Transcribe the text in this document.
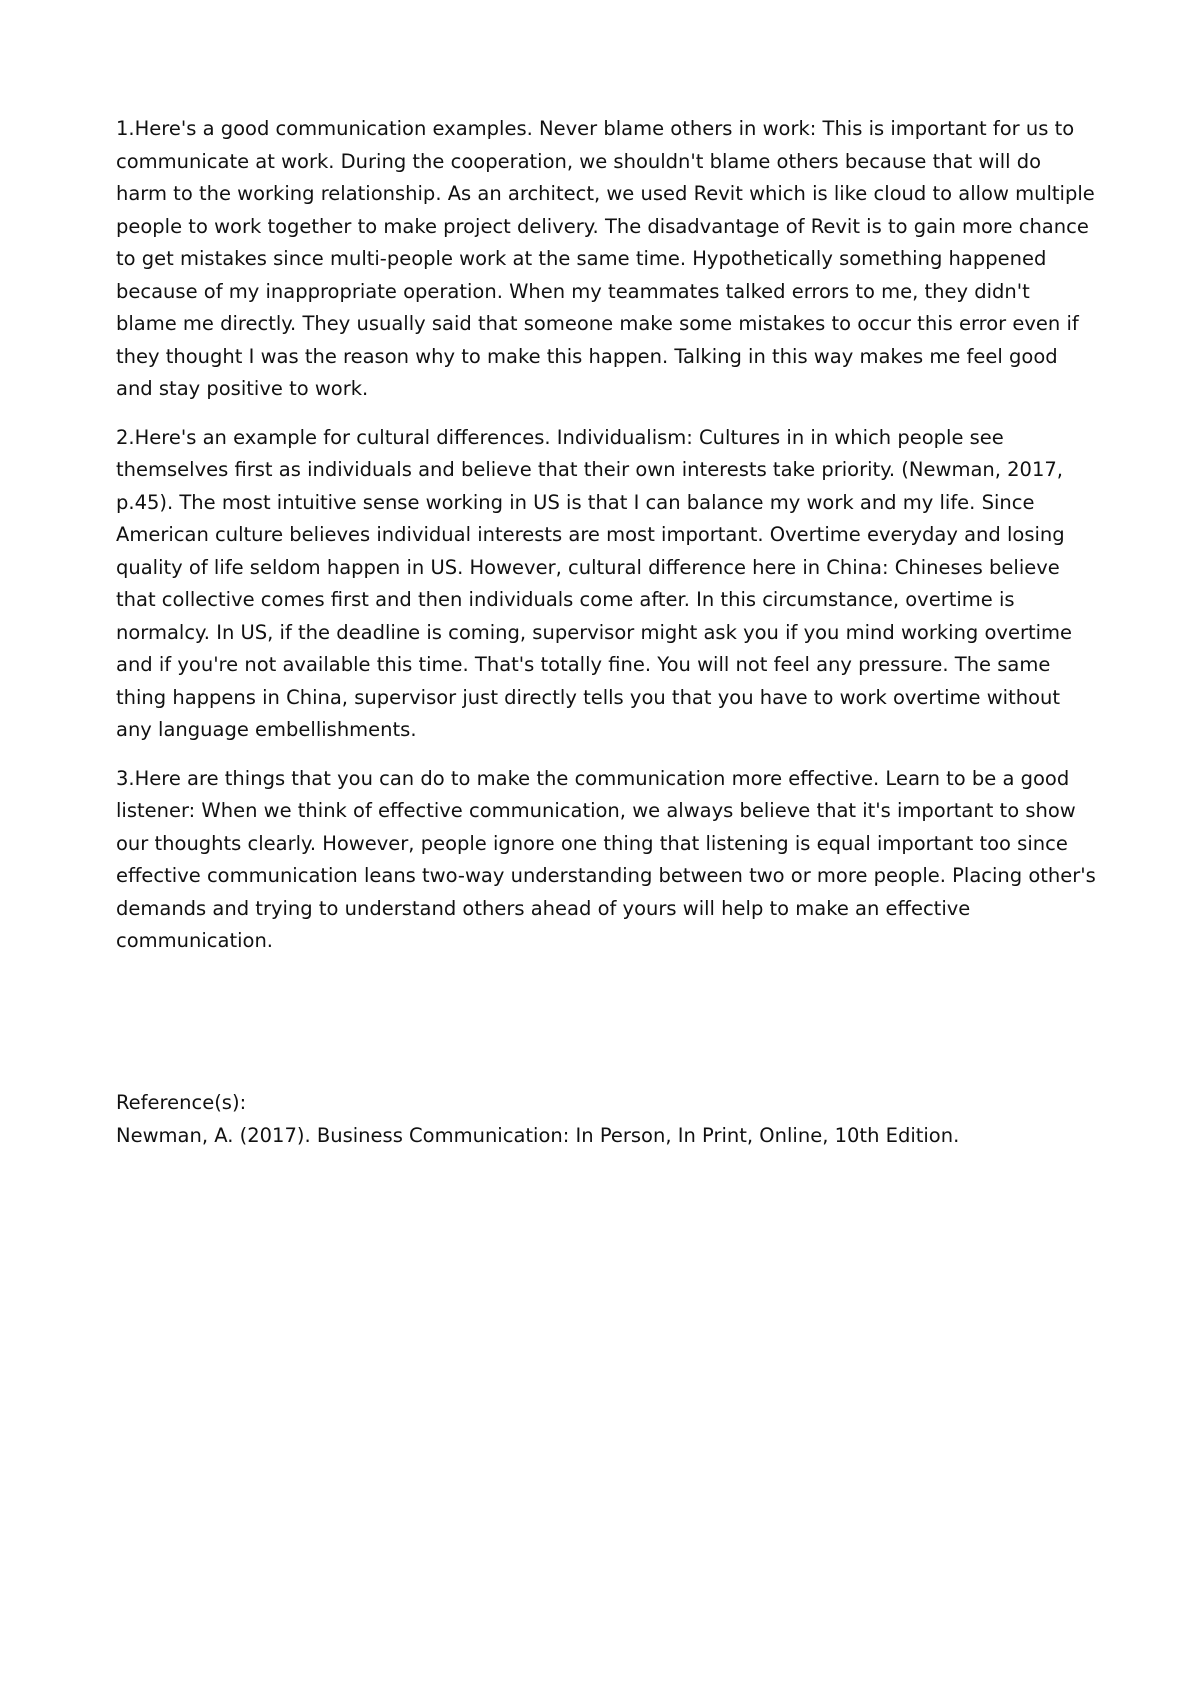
1.Here's a good communication examples. Never blame others in work: This is important for us to communicate at work. During the cooperation, we shouldn't blame others because that will do harm to the working relationship. As an architect, we used Revit which is like cloud to allow multiple people to work together to make project delivery. The disadvantage of Revit is to gain more chance to get mistakes since multi-people work at the same time. Hypothetically something happened because of my inappropriate operation. When my teammates talked errors to me, they didn't blame me directly. They usually said that someone make some mistakes to occur this error even if they thought I was the reason why to make this happen. Talking in this way makes me feel good and stay positive to work.

2.Here's an example for cultural differences. Individualism: Cultures in in which people see themselves first as individuals and believe that their own interests take priority. (Newman, 2017, p.45). The most intuitive sense working in US is that I can balance my work and my life. Since American culture believes individual interests are most important. Overtime everyday and losing quality of life seldom happen in US. However, cultural difference here in China: Chineses believe that collective comes first and then individuals come after. In this circumstance, overtime is normalcy. In US, if the deadline is coming, supervisor might ask you if you mind working overtime and if you're not available this time. That's totally fine. You will not feel any pressure. The same thing happens in China, supervisor just directly tells you that you have to work overtime without any language embellishments.

3.Here are things that you can do to make the communication more effective. Learn to be a good listener: When we think of effective communication, we always believe that it's important to show our thoughts clearly. However, people ignore one thing that listening is equal important too since effective communication leans two-way understanding between two or more people. Placing other's demands and trying to understand others ahead of yours will help to make an effective communication.

Reference(s):
Newman, A. (2017). Business Communication: In Person, In Print, Online, 10th Edition.
